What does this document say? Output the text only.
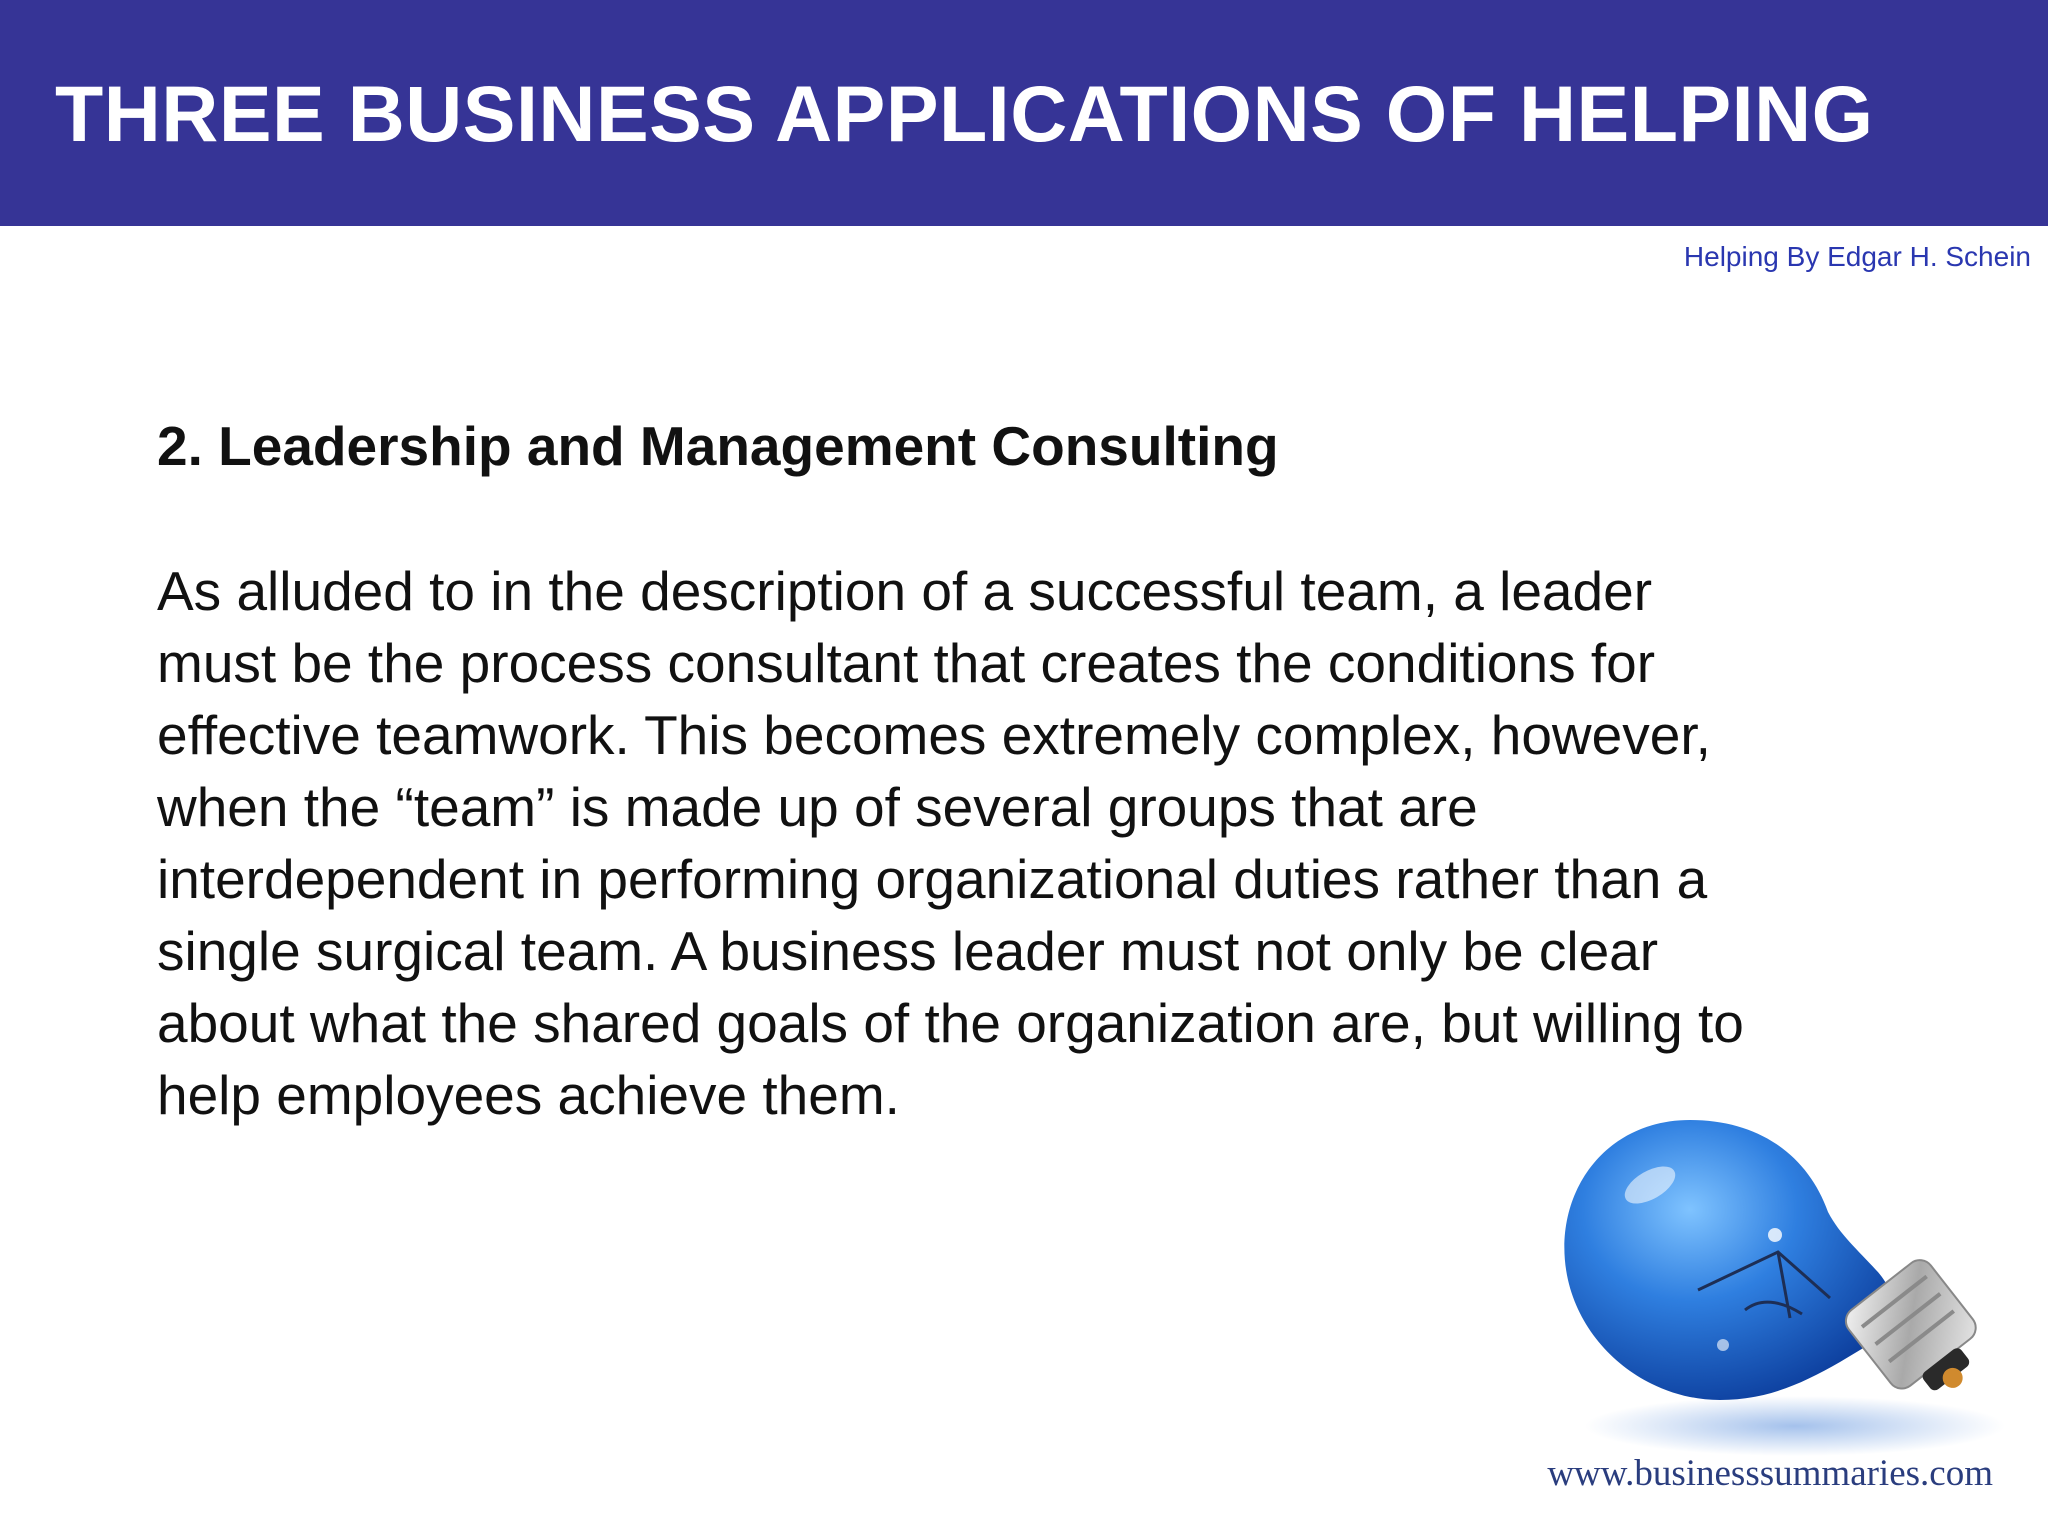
THREE BUSINESS APPLICATIONS OF HELPING
Helping By Edgar H. Schein
2. Leadership and Management Consulting
As alluded to in the description of a successful team, a leader
must be the process consultant that creates the conditions for
effective teamwork. This becomes extremely complex, however,
when the “team” is made up of several groups that are
interdependent in performing organizational duties rather than a
single surgical team. A business leader must not only be clear
about what the shared goals of the organization are, but willing to
help employees achieve them.
www.businesssummaries.com
